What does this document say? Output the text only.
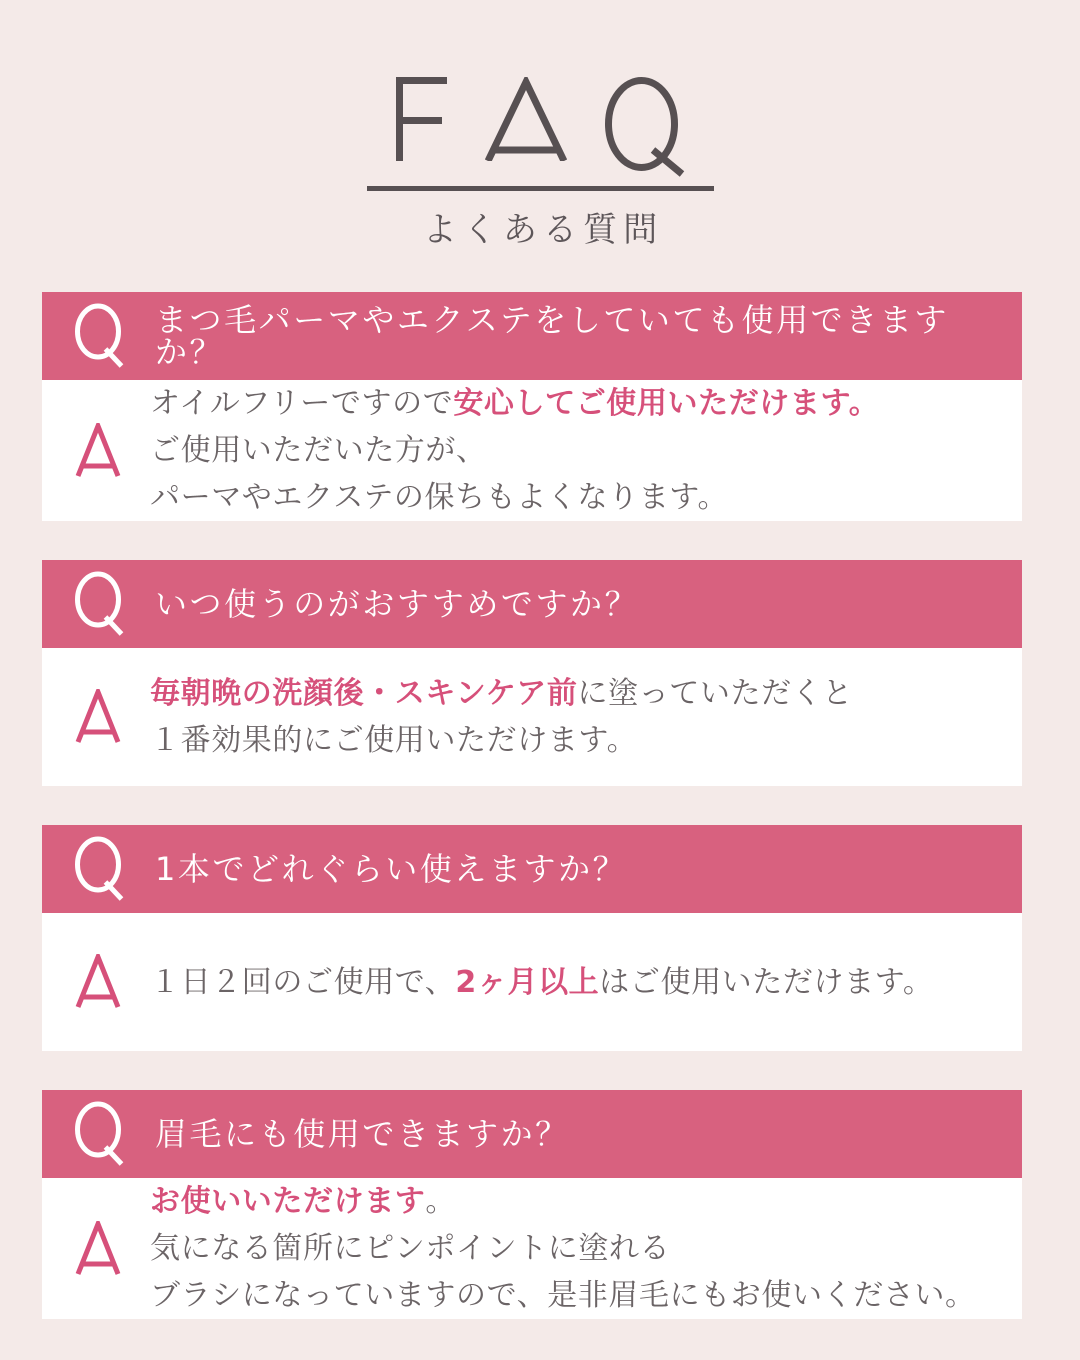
よくある質問
まつ毛パーマやエクステをしていても使用できますか？

オイルフリーですので安心してご使用いただけます。

ご使用いただいた方が、

パーマやエクステの保ちもよくなります。

いつ使うのがおすすめですか？

毎朝晩の洗顔後・スキンケア前に塗っていただくと

１番効果的にご使用いただけます。

1本でどれぐらい使えますか？

１日２回のご使用で、2ヶ月以上はご使用いただけます。

眉毛にも使用できますか？

お使いいただけます。

気になる箇所にピンポイントに塗れる

ブラシになっていますので、是非眉毛にもお使いください。
